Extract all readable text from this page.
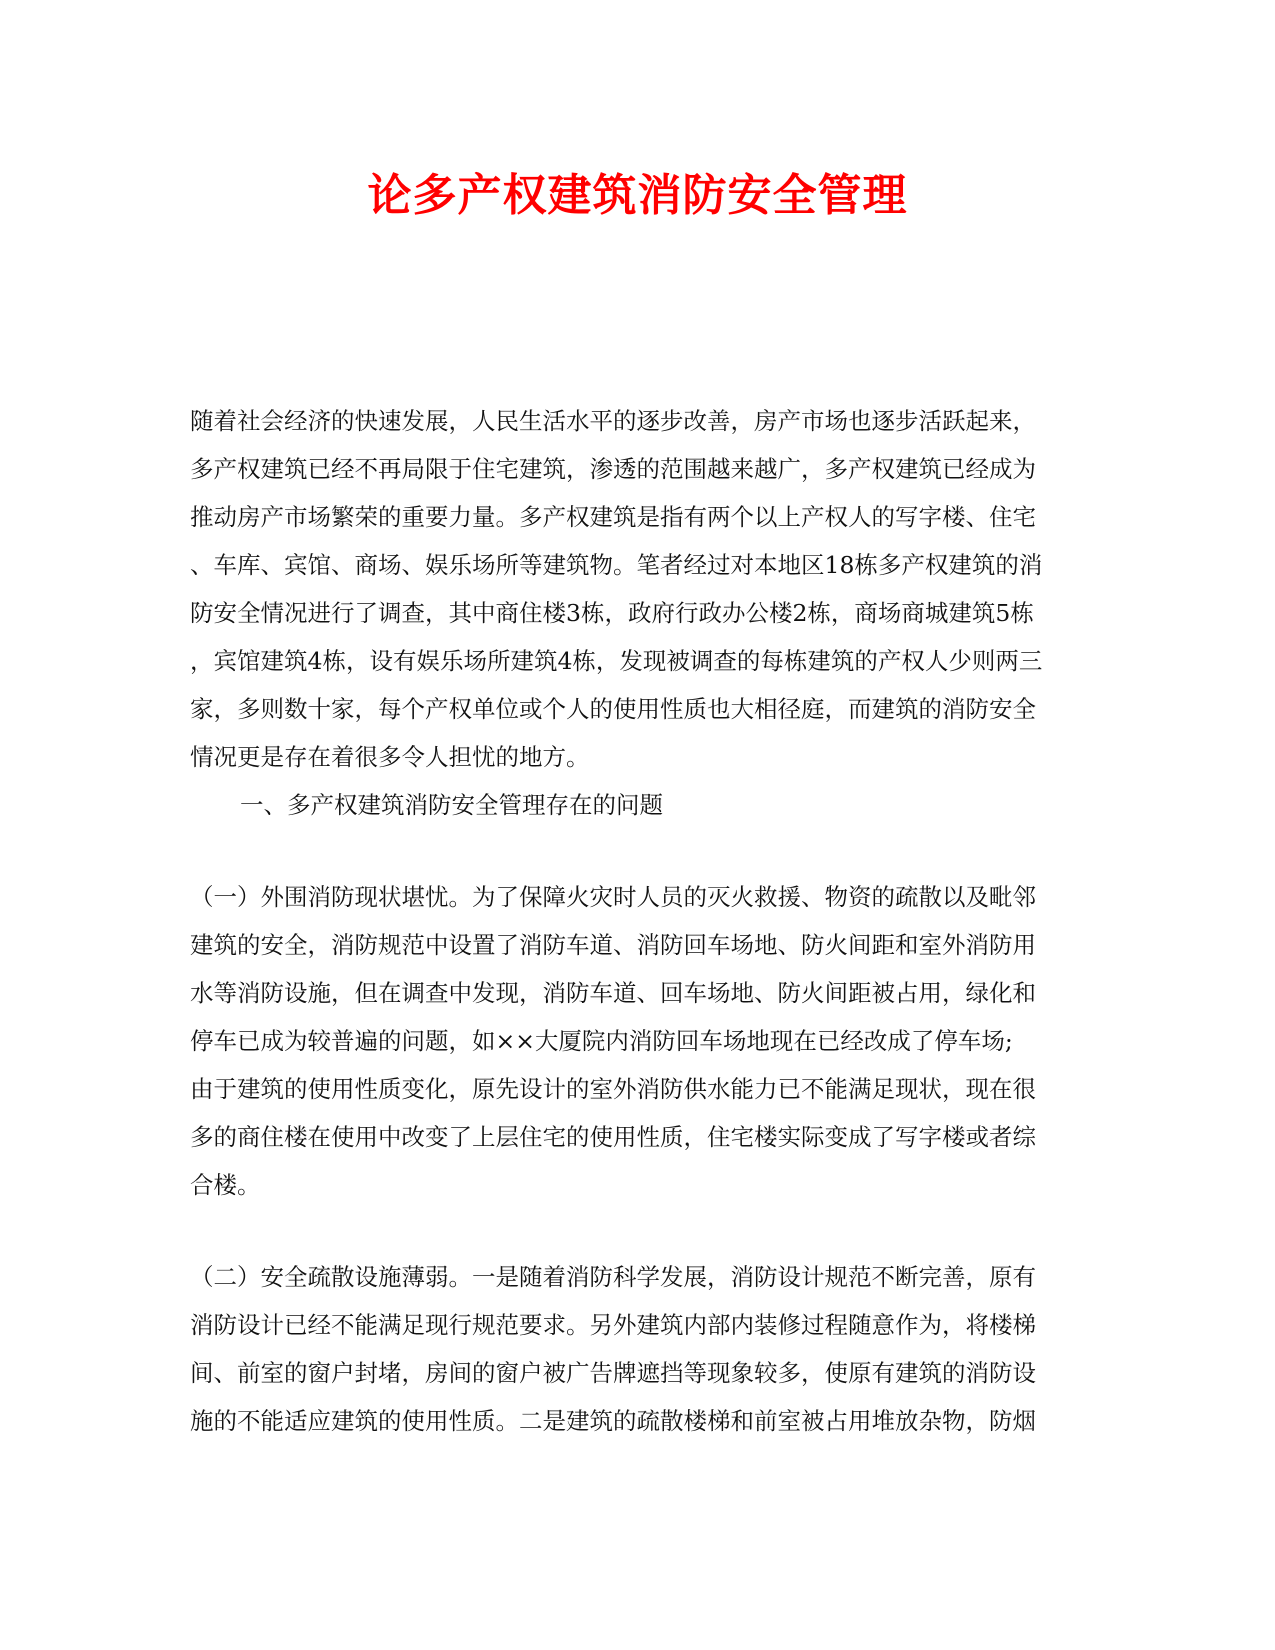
论多产权建筑消防安全管理

随着社会经济的快速发展，人民生活水平的逐步改善，房产市场也逐步活跃起来，

多产权建筑已经不再局限于住宅建筑，渗透的范围越来越广，多产权建筑已经成为

推动房产市场繁荣的重要力量。多产权建筑是指有两个以上产权人的写字楼、住宅

、车库、宾馆、商场、娱乐场所等建筑物。笔者经过对本地区18栋多产权建筑的消

防安全情况进行了调查，其中商住楼3栋，政府行政办公楼2栋，商场商城建筑5栋

，宾馆建筑4栋，设有娱乐场所建筑4栋，发现被调查的每栋建筑的产权人少则两三

家，多则数十家，每个产权单位或个人的使用性质也大相径庭，而建筑的消防安全

情况更是存在着很多令人担忧的地方。

一、多产权建筑消防安全管理存在的问题

（一）外围消防现状堪忧。为了保障火灾时人员的灭火救援、物资的疏散以及毗邻

建筑的安全，消防规范中设置了消防车道、消防回车场地、防火间距和室外消防用

水等消防设施，但在调查中发现，消防车道、回车场地、防火间距被占用，绿化和

停车已成为较普遍的问题，如××大厦院内消防回车场地现在已经改成了停车场;

由于建筑的使用性质变化，原先设计的室外消防供水能力已不能满足现状，现在很

多的商住楼在使用中改变了上层住宅的使用性质，住宅楼实际变成了写字楼或者综

合楼。

（二）安全疏散设施薄弱。一是随着消防科学发展，消防设计规范不断完善，原有

消防设计已经不能满足现行规范要求。另外建筑内部内装修过程随意作为，将楼梯

间、前室的窗户封堵，房间的窗户被广告牌遮挡等现象较多，使原有建筑的消防设

施的不能适应建筑的使用性质。二是建筑的疏散楼梯和前室被占用堆放杂物，防烟
